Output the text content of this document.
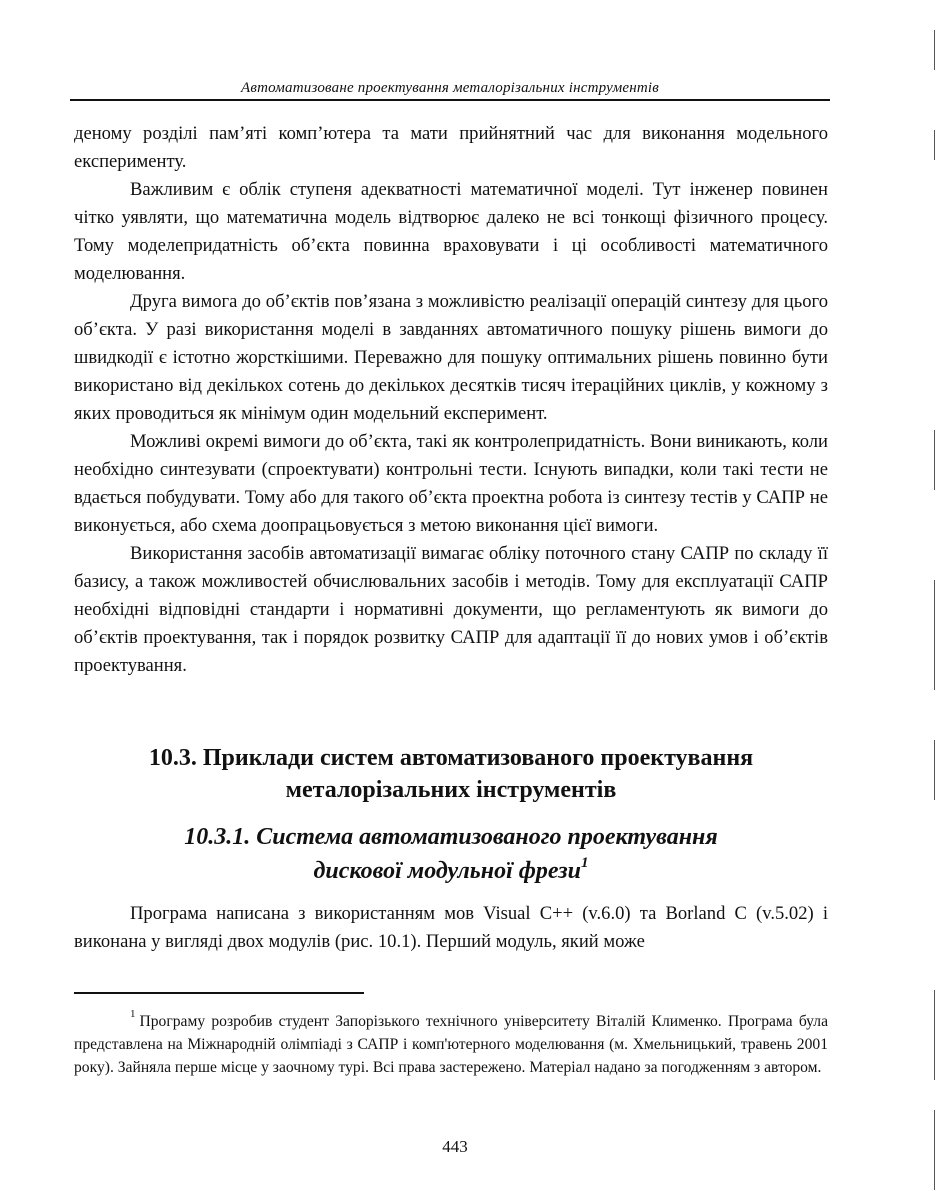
Автоматизоване проектування металорізальних інструментів

деному розділі пам’яті комп’ютера та мати прийнятний час для виконання модельного експерименту.

Важливим є облік ступеня адекватності математичної моделі. Тут інженер повинен чітко уявляти, що математична модель відтворює далеко не всі тонкощі фізичного процесу. Тому моделепридатність об’єкта повинна враховувати і ці особливості математичного моделювання.

Друга вимога до об’єктів пов’язана з можливістю реалізації операцій синтезу для цього об’єкта. У разі використання моделі в завданнях автоматичного пошуку рішень вимоги до швидкодії є істотно жорсткішими. Переважно для пошуку оптимальних рішень повинно бути використано від декількох сотень до декількох десятків тисяч ітераційних циклів, у кожному з яких проводиться як мінімум один модельний експеримент.

Можливі окремі вимоги до об’єкта, такі як контролепридатність. Вони виникають, коли необхідно синтезувати (спроектувати) контрольні тести. Існують випадки, коли такі тести не вдається побудувати. Тому або для такого об’єкта проектна робота із синтезу тестів у САПР не виконується, або схема доопрацьовується з метою виконання цієї вимоги.

Використання засобів автоматизації вимагає обліку поточного стану САПР по складу її базису, а також можливостей обчислювальних засобів і методів. Тому для експлуатації САПР необхідні відповідні стандарти і нормативні документи, що регламентують як вимоги до об’єктів проектування, так і порядок розвитку САПР для адаптації її до нових умов і об’єктів проектування.

10.3. Приклади систем автоматизованого проектування
металорізальних інструментів
10.3.1. Система автоматизованого проектування
дискової модульної фрези$^1$

Програма написана з використанням мов Visual C++ (v.6.0) та Borland C (v.5.02) і виконана у вигляді двох модулів (рис. 10.1). Перший модуль, який може

$^1$ Програму розробив студент Запорізького технічного університету Віталій Клименко. Програма була представлена на Міжнародній олімпіаді з САПР і комп'ютерного моделювання (м. Хмельницький, травень 2001 року). Зайняла перше місце у заочному турі. Всі права застережено. Матеріал надано за погодженням з автором.
443
